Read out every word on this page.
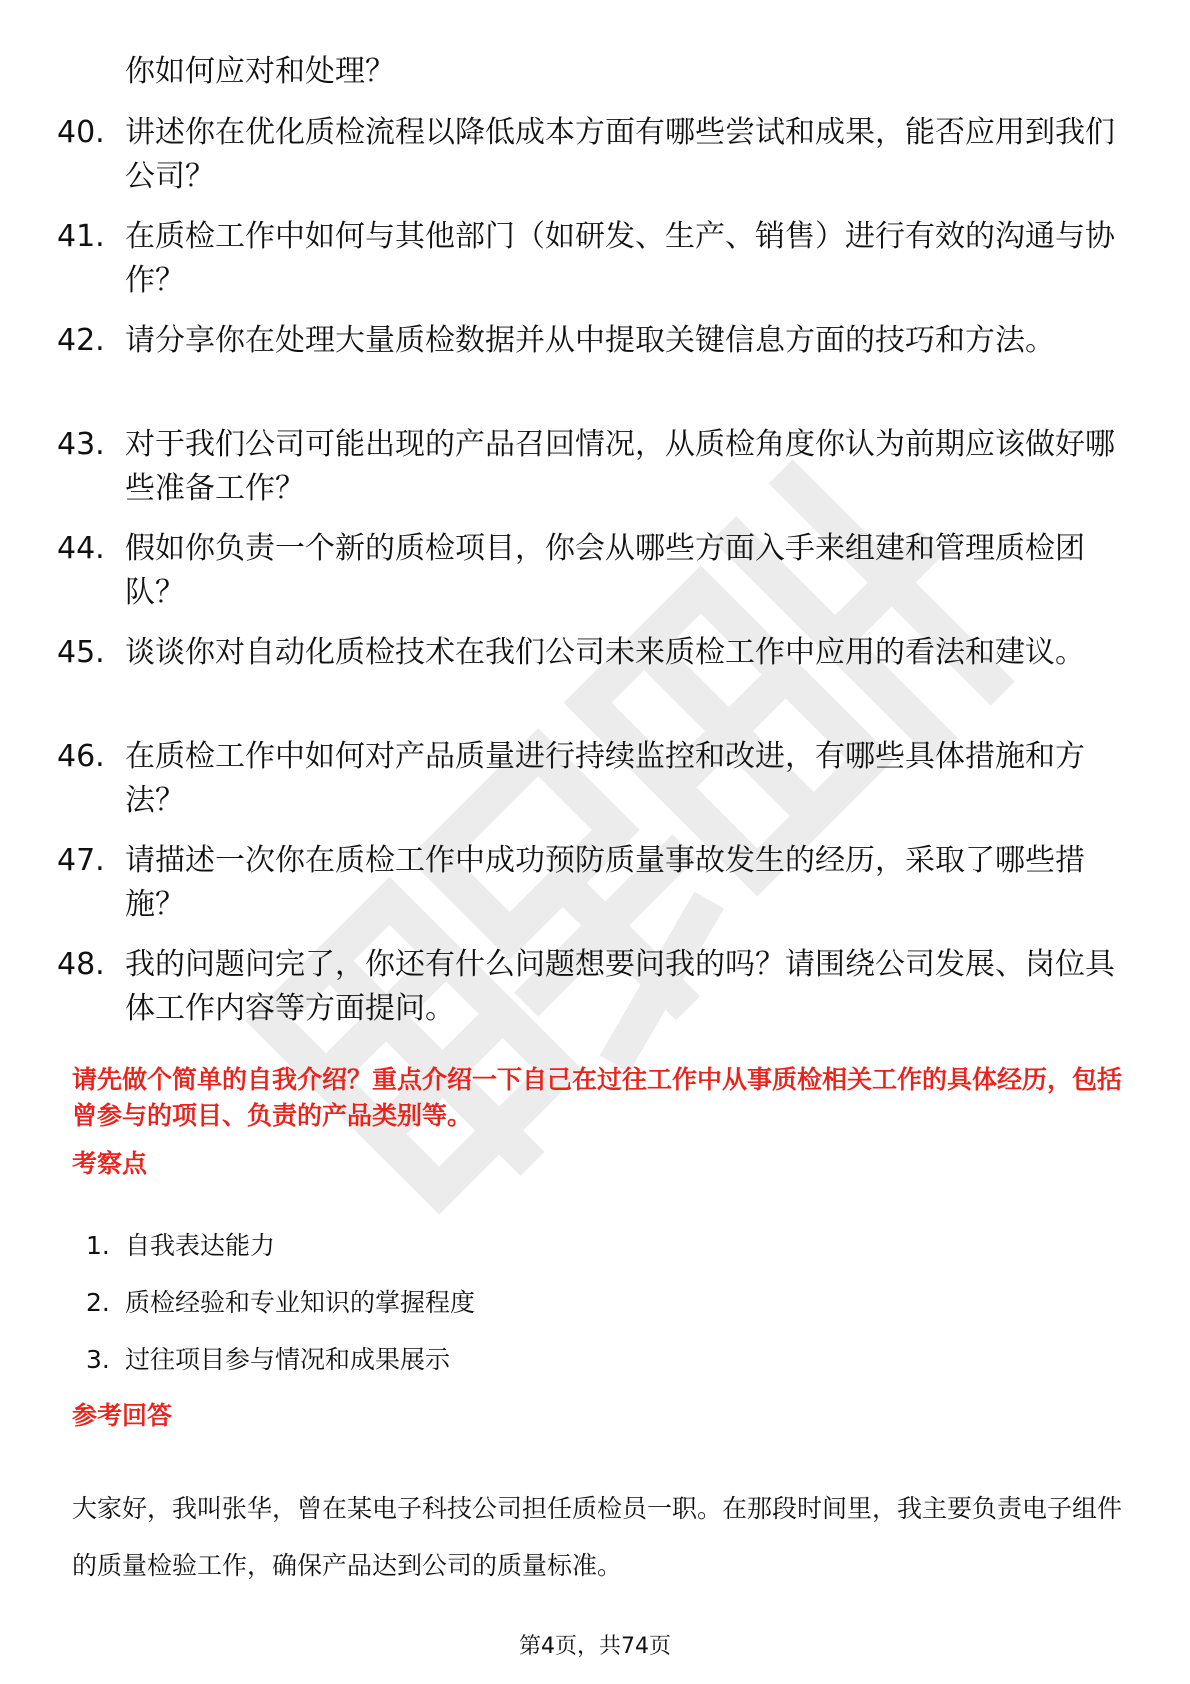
你如何应对和处理？

40. 讲述你在优化质检流程以降低成本方面有哪些尝试和成果，能否应用到我们公司？

41. 在质检工作中如何与其他部门（如研发、生产、销售）进行有效的沟通与协作？

42. 请分享你在处理大量质检数据并从中提取关键信息方面的技巧和方法。

43. 对于我们公司可能出现的产品召回情况，从质检角度你认为前期应该做好哪些准备工作？

44. 假如你负责一个新的质检项目，你会从哪些方面入手来组建和管理质检团队？

45. 谈谈你对自动化质检技术在我们公司未来质检工作中应用的看法和建议。

46. 在质检工作中如何对产品质量进行持续监控和改进，有哪些具体措施和方法？

47. 请描述一次你在质检工作中成功预防质量事故发生的经历，采取了哪些措施？

48. 我的问题问完了，你还有什么问题想要问我的吗？请围绕公司发展、岗位具体工作内容等方面提问。

请先做个简单的自我介绍？重点介绍一下自己在过往工作中从事质检相关工作的具体经历，包括曾参与的项目、负责的产品类别等。

考察点
1. 自我表达能力
2. 质检经验和专业知识的掌握程度
3. 过往项目参与情况和成果展示
参考回答

大家好，我叫张华，曾在某电子科技公司担任质检员一职。在那段时间里，我主要负责电子组件的质量检验工作，确保产品达到公司的质量标准。

第4页，共74页
